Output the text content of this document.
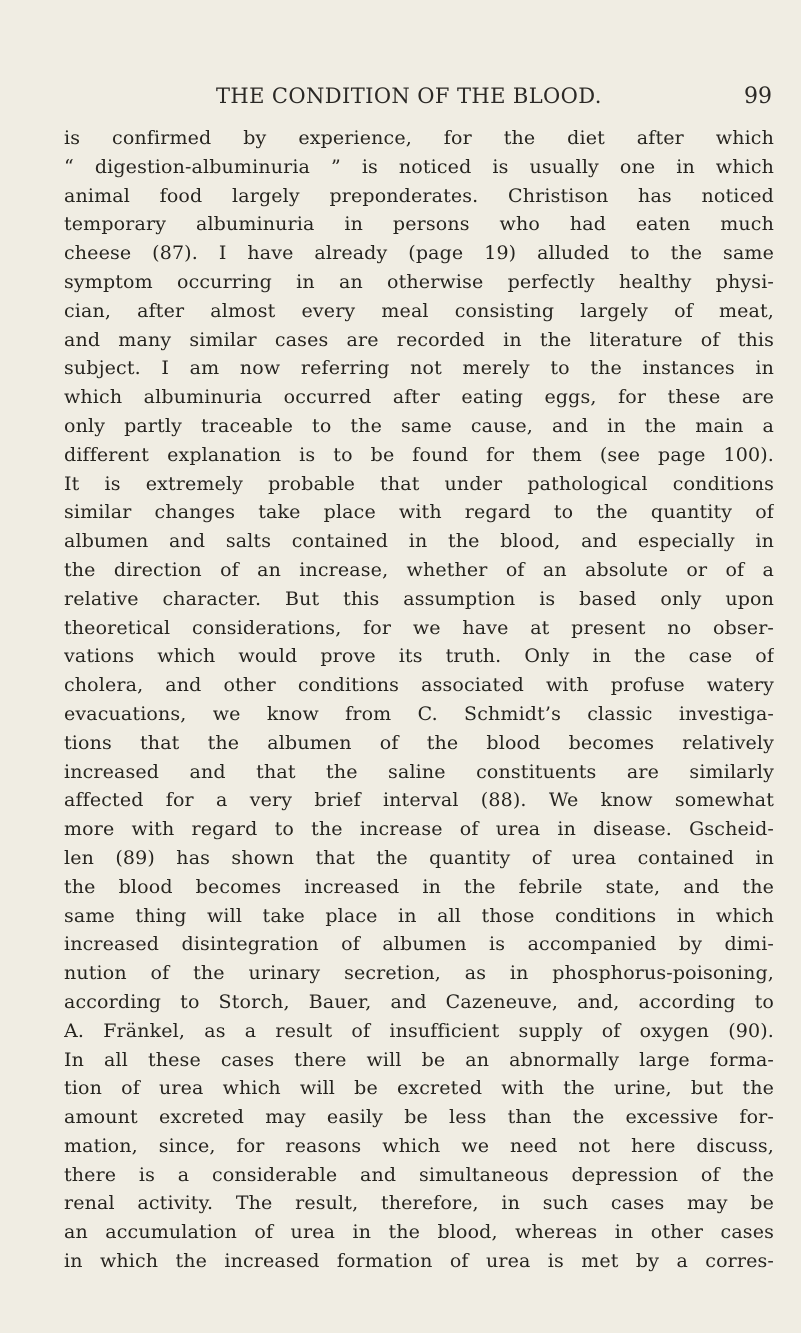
THE CONDITION OF THE BLOOD.	99
is confirmed by experience, for the diet after which
“ digestion-albuminuria ” is noticed is usually one in which
animal food largely preponderates. Christison has noticed
temporary albuminuria in persons who had eaten much
cheese (87). I have already (page 19) alluded to the same
symptom occurring in an otherwise perfectly healthy physi-
cian, after almost every meal consisting largely of meat,
and many similar cases are recorded in the literature of this
subject. I am now referring not merely to the instances in
which albuminuria occurred after eating eggs, for these are
only partly traceable to the same cause, and in the main a
different explanation is to be found for them (see page 100).
It is extremely probable that under pathological conditions
similar changes take place with regard to the quantity of
albumen and salts contained in the blood, and especially in
the direction of an increase, whether of an absolute or of a
relative character. But this assumption is based only upon
theoretical considerations, for we have at present no obser-
vations which would prove its truth. Only in the case of
cholera, and other conditions associated with profuse watery
evacuations, we know from C. Schmidt’s classic investiga-
tions that the albumen of the blood becomes relatively
increased and that the saline constituents are similarly
affected for a very brief interval (88). We know somewhat
more with regard to the increase of urea in disease. Gscheid-
len (89) has shown that the quantity of urea contained in
the blood becomes increased in the febrile state, and the
same thing will take place in all those conditions in which
increased disintegration of albumen is accompanied by dimi-
nution of the urinary secretion, as in phosphorus-poisoning,
according to Storch, Bauer, and Cazeneuve, and, according to
A. Fränkel, as a result of insufficient supply of oxygen (90).
In all these cases there will be an abnormally large forma-
tion of urea which will be excreted with the urine, but the
amount excreted may easily be less than the excessive for-
mation, since, for reasons which we need not here discuss,
there is a considerable and simultaneous depression of the
renal activity. The result, therefore, in such cases may be
an accumulation of urea in the blood, whereas in other cases
in which the increased formation of urea is met by a corres-
